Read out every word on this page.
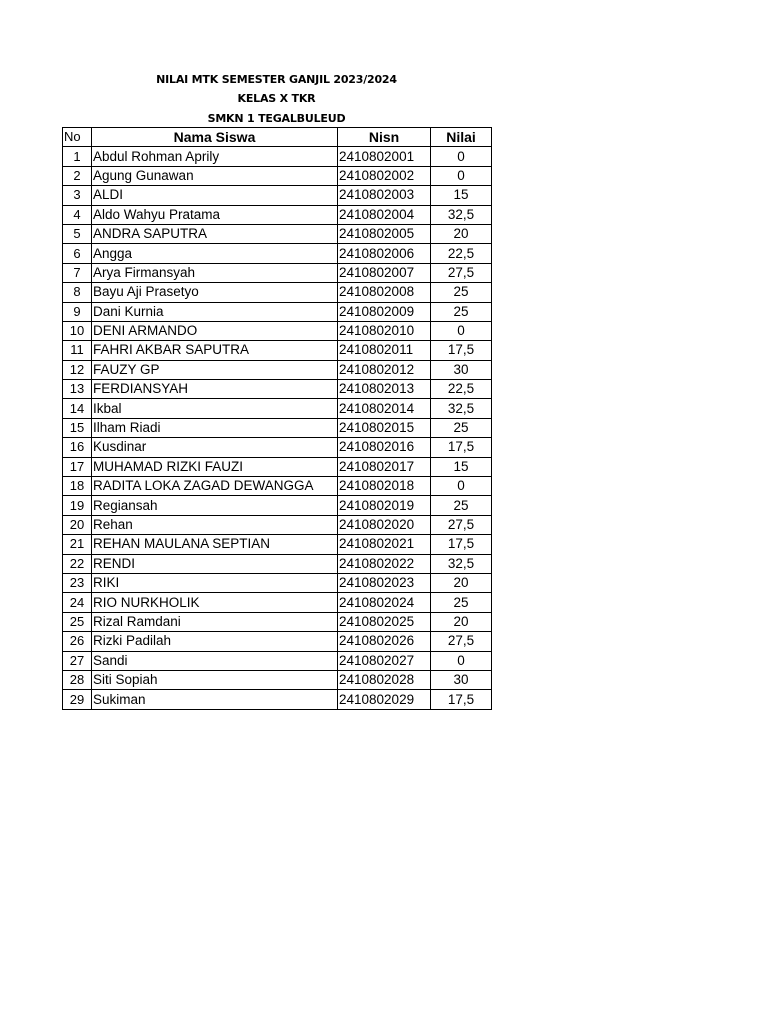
NILAI MTK SEMESTER GANJIL 2023/2024
KELAS X TKR
SMKN 1 TEGALBULEUD
No	Nama Siswa	Nisn	Nilai
1	Abdul Rohman Aprily	2410802001	0
2	Agung Gunawan	2410802002	0
3	ALDI	2410802003	15
4	Aldo Wahyu Pratama	2410802004	32,5
5	ANDRA SAPUTRA	2410802005	20
6	Angga	2410802006	22,5
7	Arya Firmansyah	2410802007	27,5
8	Bayu Aji Prasetyo	2410802008	25
9	Dani Kurnia	2410802009	25
10	DENI ARMANDO	2410802010	0
11	FAHRI AKBAR SAPUTRA	2410802011	17,5
12	FAUZY GP	2410802012	30
13	FERDIANSYAH	2410802013	22,5
14	Ikbal	2410802014	32,5
15	Ilham Riadi	2410802015	25
16	Kusdinar	2410802016	17,5
17	MUHAMAD RIZKI FAUZI	2410802017	15
18	RADITA LOKA ZAGAD DEWANGGA	2410802018	0
19	Regiansah	2410802019	25
20	Rehan	2410802020	27,5
21	REHAN MAULANA SEPTIAN	2410802021	17,5
22	RENDI	2410802022	32,5
23	RIKI	2410802023	20
24	RIO NURKHOLIK	2410802024	25
25	Rizal Ramdani	2410802025	20
26	Rizki Padilah	2410802026	27,5
27	Sandi	2410802027	0
28	Siti Sopiah	2410802028	30
29	Sukiman	2410802029	17,5
